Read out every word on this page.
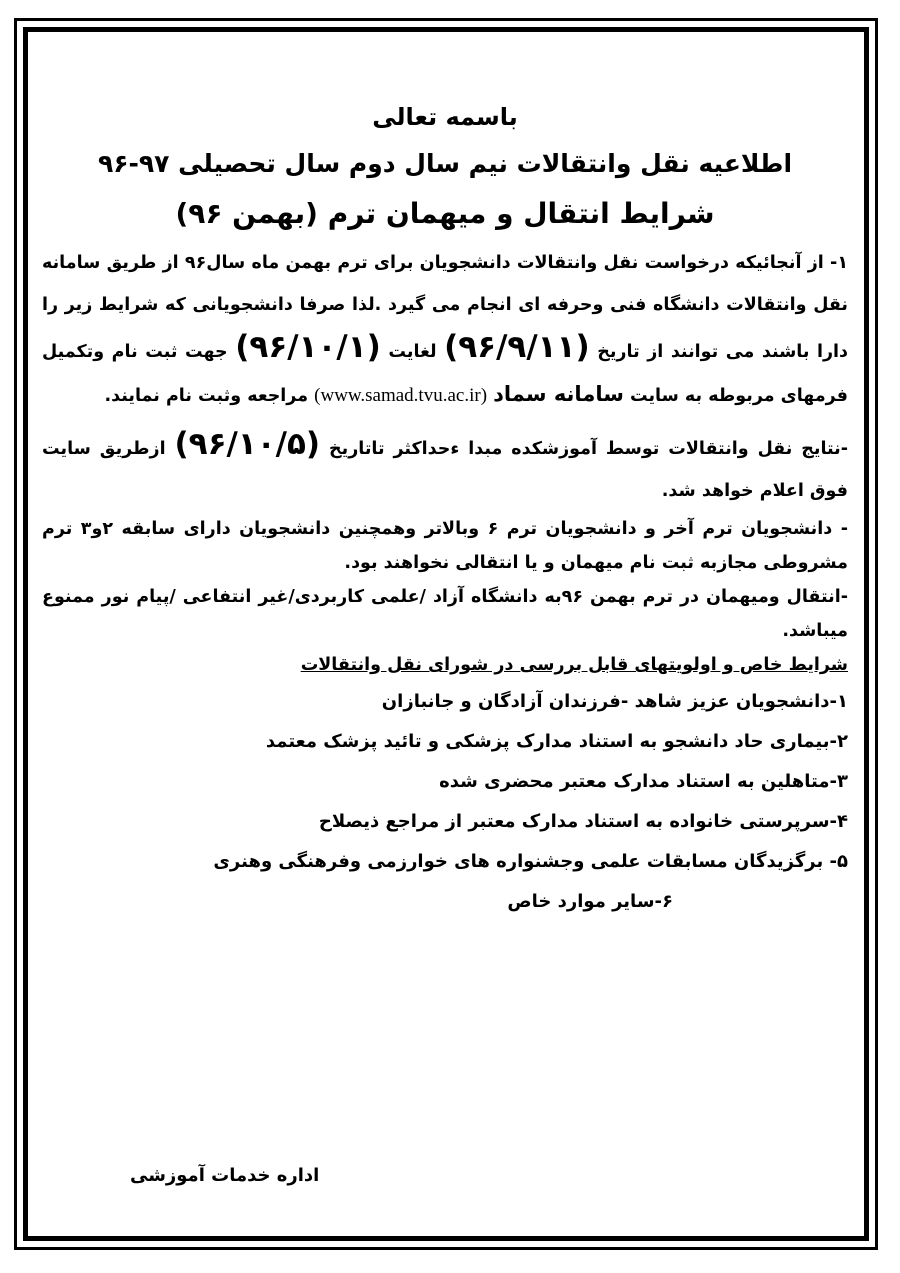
باسمه تعالی
اطلاعیه نقل وانتقالات نیم سال دوم سال تحصیلی ۹۷-۹۶
شرایط انتقال و میهمان ترم (بهمن ۹۶)

۱- از آنجائیکه درخواست نقل وانتقالات دانشجویان برای ترم بهمن ماه سال۹۶ از طریق سامانه نقل وانتقالات دانشگاه فنی وحرفه ای انجام می گیرد .لذا صرفا دانشجویانی که شرایط زیر را دارا باشند می توانند از تاریخ (۹۶/۹/۱۱) لغایت (۹۶/۱۰/۱) جهت ثبت نام وتکمیل فرمهای مربوطه به سایت سامانه سماد (www.samad.tvu.ac.ir) مراجعه وثبت نام نمایند.

-نتایج نقل وانتقالات توسط آموزشکده مبدا ءحداکثر تاتاریخ (۹۶/۱۰/۵) ازطریق سایت فوق اعلام خواهد شد.

- دانشجویان ترم آخر و دانشجویان ترم ۶ وبالاتر وهمچنین دانشجویان دارای سابقه ۲و۳ ترم مشروطی مجازبه ثبت نام میهمان و یا انتقالی نخواهند بود.

-انتقال ومیهمان در ترم بهمن ۹۶به دانشگاه آزاد /علمی کاربردی/غیر انتفاعی /پیام نور ممنوع میباشد.

شرایط خاص و اولویتهای قابل بررسی در شورای نقل وانتقالات
۱-دانشجویان عزیز شاهد -فرزندان آزادگان و جانبازان
۲-بیماری حاد دانشجو به استناد مدارک پزشکی و تائید پزشک معتمد
۳-متاهلین به استناد مدارک معتبر محضری شده
۴-سرپرستی خانواده به استناد مدارک معتبر از مراجع ذیصلاح
۵- برگزیدگان مسابقات علمی وجشنواره های خوارزمی وفرهنگی وهنری
۶-سایر موارد خاص
اداره خدمات آموزشی
